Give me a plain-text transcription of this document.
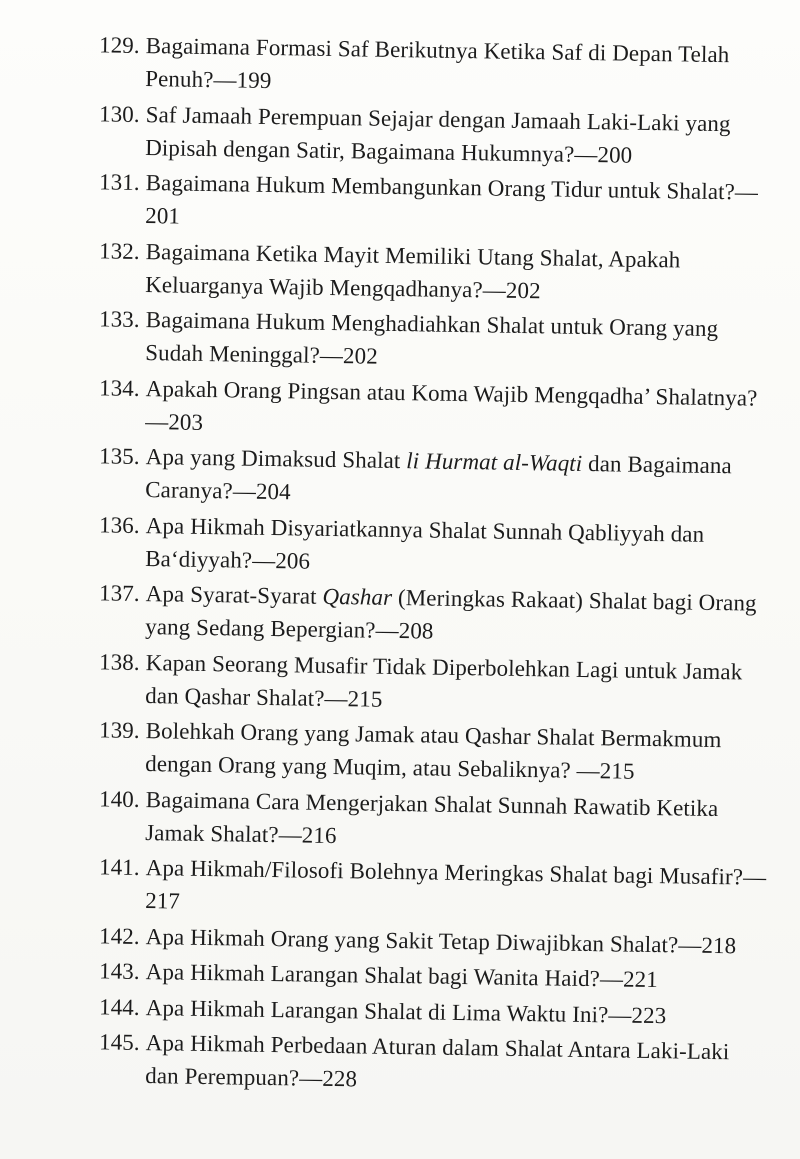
129. Bagaimana Formasi Saf Berikutnya Ketika Saf di Depan Telah Penuh?—199
130. Saf Jamaah Perempuan Sejajar dengan Jamaah Laki-Laki yang Dipisah dengan Satir, Bagaimana Hukumnya?—200
131. Bagaimana Hukum Membangunkan Orang Tidur untuk Shalat?—201
132. Bagaimana Ketika Mayit Memiliki Utang Shalat, Apakah Keluarganya Wajib Mengqadhanya?—202
133. Bagaimana Hukum Menghadiahkan Shalat untuk Orang yang Sudah Meninggal?—202
134. Apakah Orang Pingsan atau Koma Wajib Mengqadha’ Shalatnya?—203
135. Apa yang Dimaksud Shalat li Hurmat al-Waqti dan Bagaimana Caranya?—204
136. Apa Hikmah Disyariatkannya Shalat Sunnah Qabliyyah dan Ba‘diyyah?—206
137. Apa Syarat-Syarat Qashar (Meringkas Rakaat) Shalat bagi Orang yang Sedang Bepergian?—208
138. Kapan Seorang Musafir Tidak Diperbolehkan Lagi untuk Jamak dan Qashar Shalat?—215
139. Bolehkah Orang yang Jamak atau Qashar Shalat Bermakmum dengan Orang yang Muqim, atau Sebaliknya? —215
140. Bagaimana Cara Mengerjakan Shalat Sunnah Rawatib Ketika Jamak Shalat?—216
141. Apa Hikmah/Filosofi Bolehnya Meringkas Shalat bagi Musafir?—217
142. Apa Hikmah Orang yang Sakit Tetap Diwajibkan Shalat?—218
143. Apa Hikmah Larangan Shalat bagi Wanita Haid?—221
144. Apa Hikmah Larangan Shalat di Lima Waktu Ini?—223
145. Apa Hikmah Perbedaan Aturan dalam Shalat Antara Laki-Laki dan Perempuan?—228
